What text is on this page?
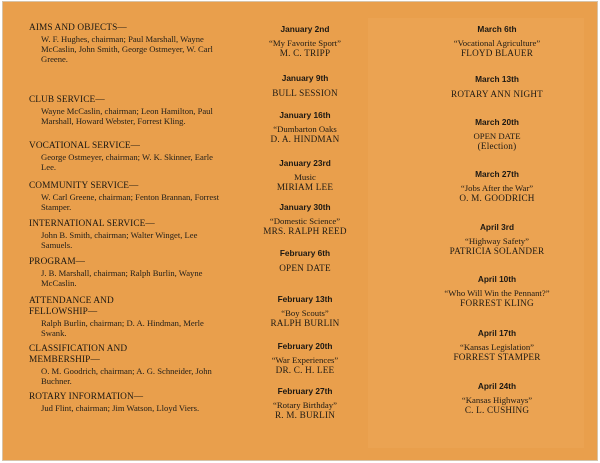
AIMS AND OBJECTS—
W. F. Hughes, chairman; Paul Marshall, Wayne McCaslin, John Smith, George Ostmeyer, W. Carl Greene.
CLUB SERVICE—
Wayne McCaslin, chairman; Leon Hamilton, Paul Marshall, Howard Webster, Forrest Kling.
VOCATIONAL SERVICE—
George Ostmeyer, chairman; W. K. Skinner, Earle Lee.
COMMUNITY SERVICE—
W. Carl Greene, chairman; Fenton Brannan, Forrest Stamper.
INTERNATIONAL SERVICE—
John B. Smith, chairman; Walter Winget, Lee Samuels.
PROGRAM—
J. B. Marshall, chairman; Ralph Burlin, Wayne McCaslin.
ATTENDANCE AND
FELLOWSHIP—
Ralph Burlin, chairman; D. A. Hindman, Merle Swank.
CLASSIFICATION AND
MEMBERSHIP—
O. M. Goodrich, chairman; A. G. Schneider, John Buchner.
ROTARY INFORMATION—
Jud Flint, chairman; Jim Watson, Lloyd Viers.
January 2nd
“My Favorite Sport”
M. C. TRIPP
January 9th
BULL SESSION
January 16th
“Dumbarton Oaks
D. A. HINDMAN
January 23rd
Music
MIRIAM LEE
January 30th
“Domestic Science”
MRS. RALPH REED
February 6th
OPEN DATE
February 13th
“Boy Scouts”
RALPH BURLIN
February 20th
“War Experiences”
DR. C. H. LEE
February 27th
“Rotary Birthday”
R. M. BURLIN
March 6th
“Vocational Agriculture”
FLOYD BLAUER
March 13th
ROTARY ANN NIGHT
March 20th
OPEN DATE
(Election)
March 27th
“Jobs After the War”
O. M. GOODRICH
April 3rd
“Highway Safety”
PATRICIA SOLANDER
April 10th
“Who Will Win the Pennant?”
FORREST KLING
April 17th
“Kansas Legislation”
FORREST STAMPER
April 24th
“Kansas Highways”
C. L. CUSHING
